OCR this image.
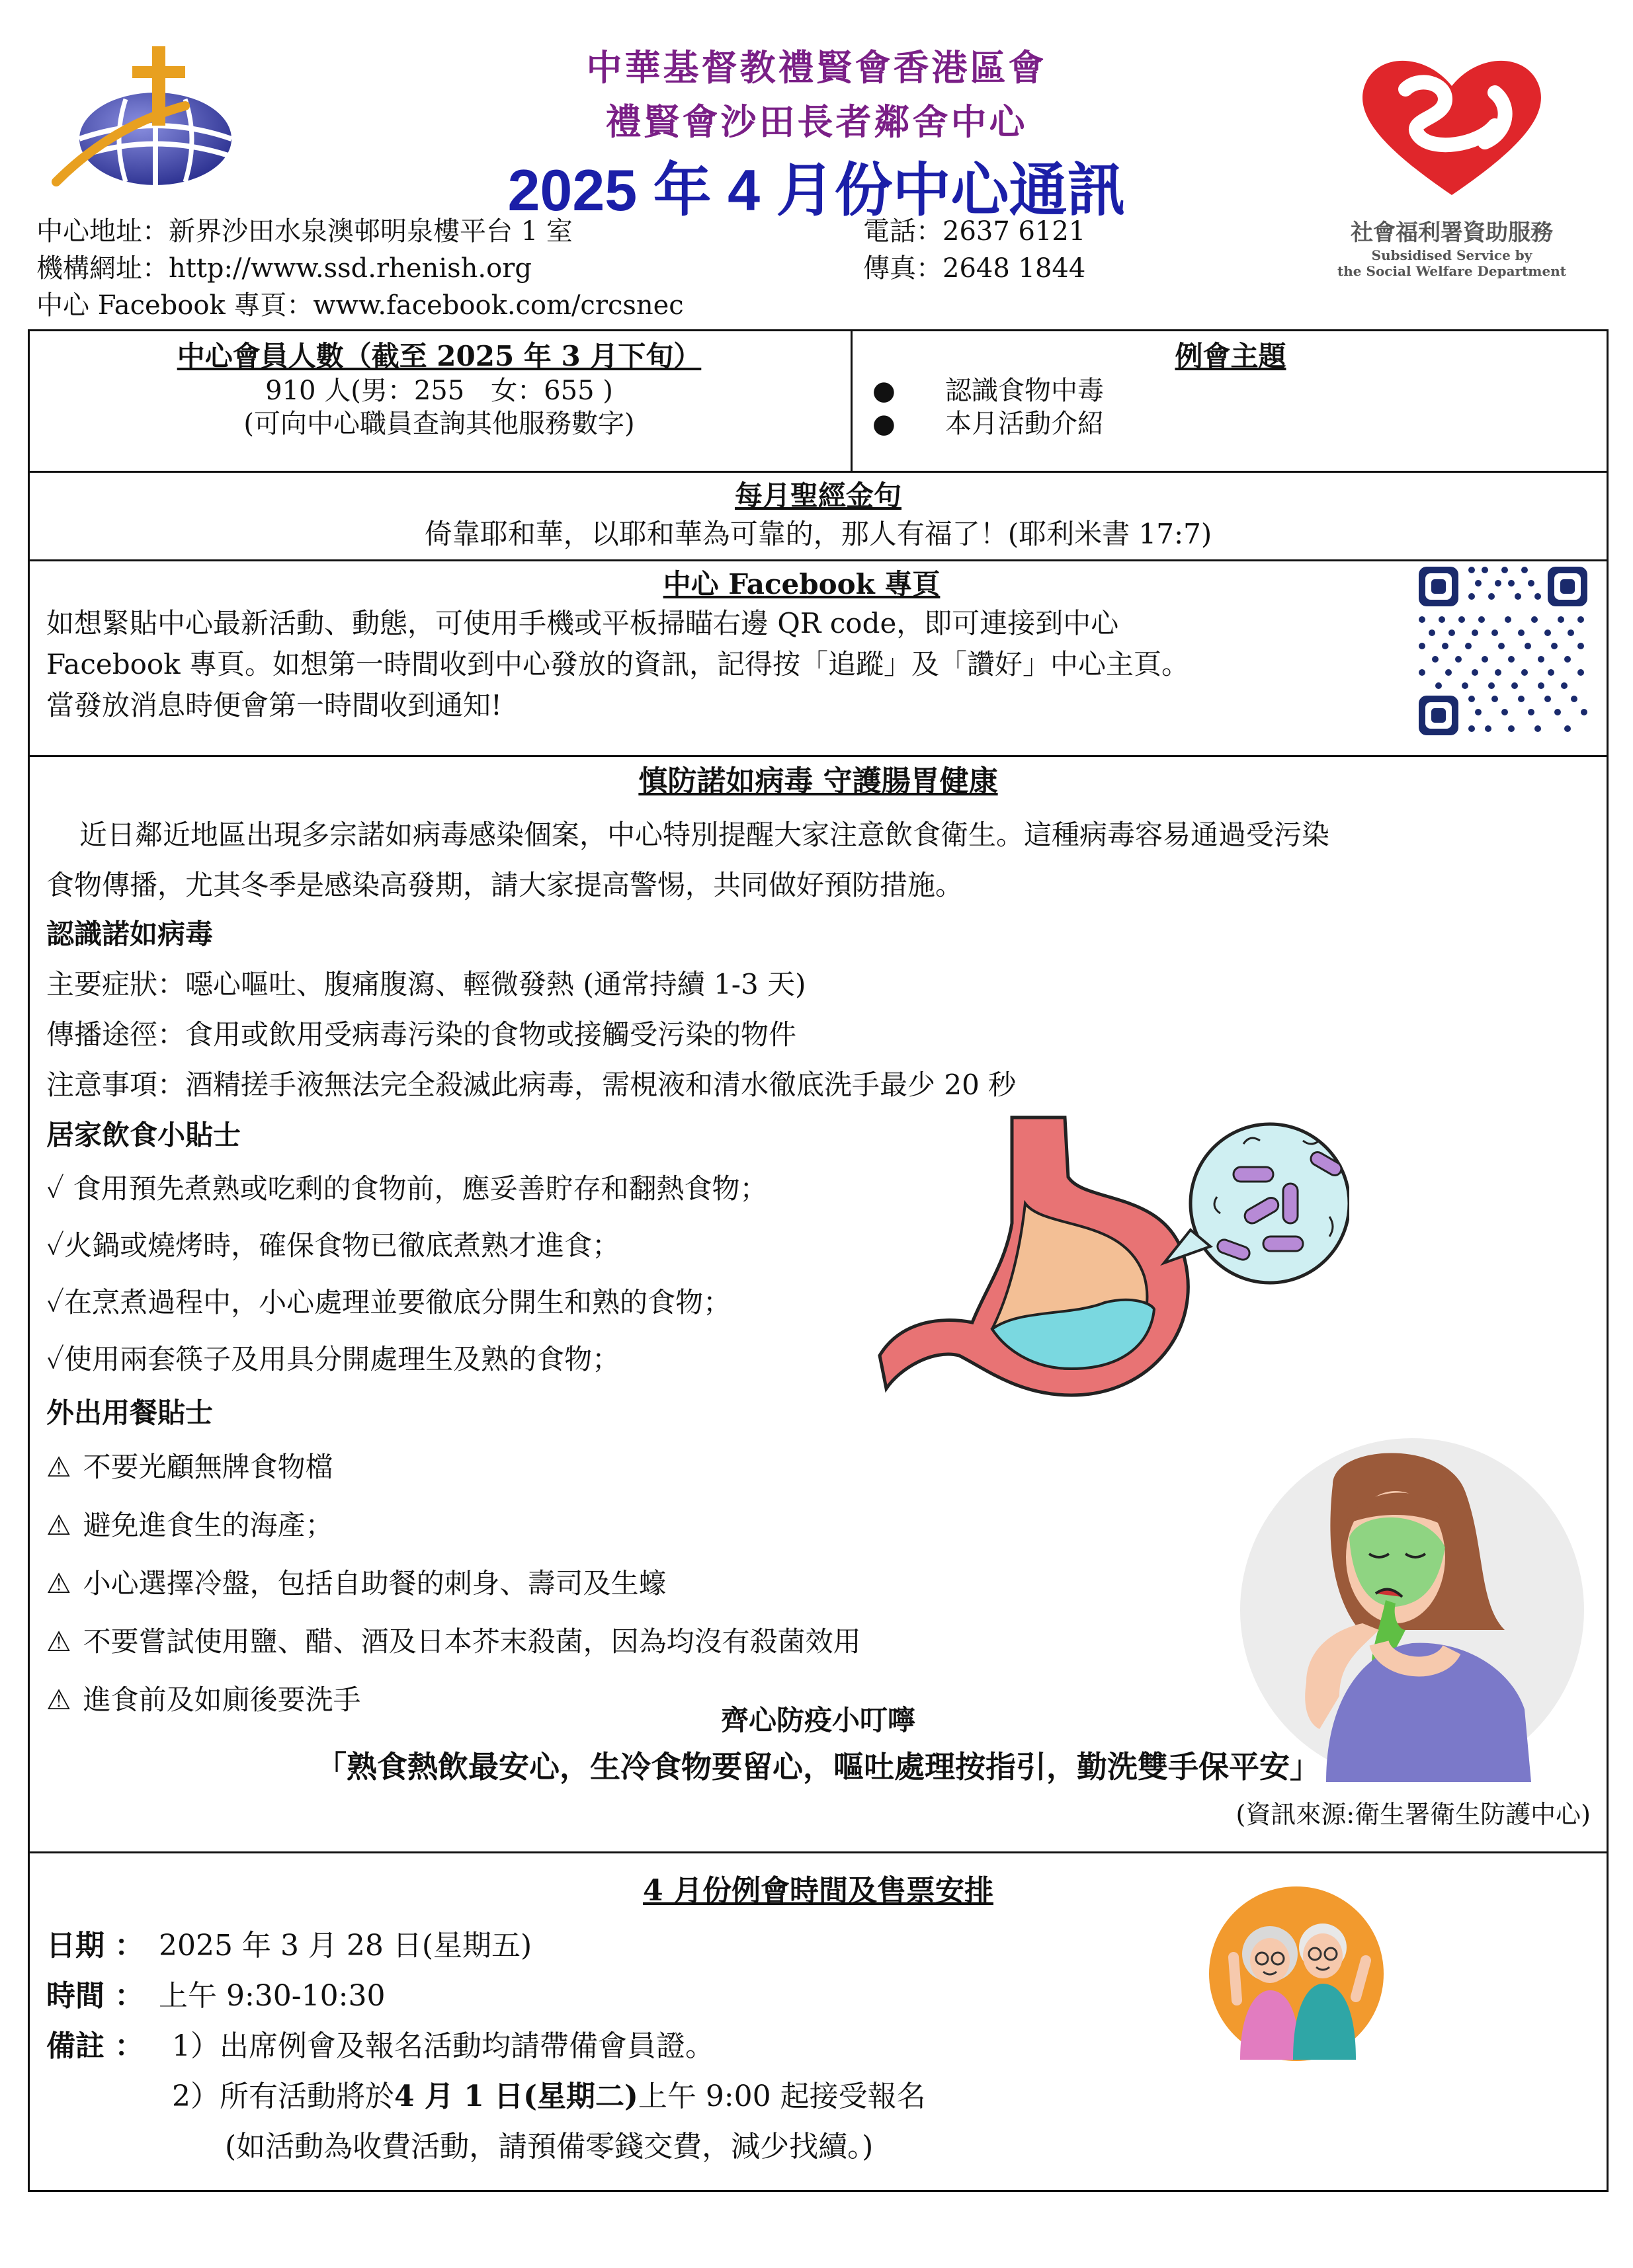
中華基督教禮賢會香港區會
禮賢會沙田長者鄰舍中心
2025 年 4 月份中心通訊
社會福利署資助服務
Subsidised Service by
the Social Welfare Department
中心地址：新界沙田水泉澳邨明泉樓平台 1 室
機構網址：http://www.ssd.rhenish.org
中心 Facebook 專頁：www.facebook.com/crcsnec
電話：2637 6121
傳真：2648 1844
中心會員人數（截至 2025 年 3 月下旬）
910 人(男：255　女：655 )
(可向中心職員查詢其他服務數字)
例會主題
● 認識食物中毒
● 本月活動介紹
每月聖經金句
倚靠耶和華，以耶和華為可靠的，那人有福了！(耶利米書 17:7)
中心 Facebook 專頁
如想緊貼中心最新活動、動態，可使用手機或平板掃瞄右邊 QR code，即可連接到中心
Facebook 專頁。如想第一時間收到中心發放的資訊，記得按「追蹤」及「讚好」中心主頁。
當發放消息時便會第一時間收到通知!
慎防諾如病毒 守護腸胃健康
近日鄰近地區出現多宗諾如病毒感染個案，中心特別提醒大家注意飲食衛生。這種病毒容易通過受污染
食物傳播，尤其冬季是感染高發期，請大家提高警惕，共同做好預防措施。
認識諾如病毒
主要症狀：噁心嘔吐、腹痛腹瀉、輕微發熱 (通常持續 1-3 天)
傳播途徑：食用或飲用受病毒污染的食物或接觸受污染的物件
注意事項：酒精搓手液無法完全殺滅此病毒，需梘液和清水徹底洗手最少 20 秒
居家飲食小貼士
✓ 食用預先煮熟或吃剩的食物前，應妥善貯存和翻熱食物；
✓火鍋或燒烤時，確保食物已徹底煮熟才進食；
✓在烹煮過程中，小心處理並要徹底分開生和熟的食物；
✓使用兩套筷子及用具分開處理生及熟的食物；
外出用餐貼士
⚠ 不要光顧無牌食物檔
⚠ 避免進食生的海產；
⚠ 小心選擇冷盤，包括自助餐的刺身、壽司及生蠔
⚠ 不要嘗試使用鹽、醋、酒及日本芥末殺菌，因為均沒有殺菌效用
⚠ 進食前及如廁後要洗手
齊心防疫小叮嚀
「熟食熱飲最安心，生冷食物要留心，嘔吐處理按指引，勤洗雙手保平安」
(資訊來源:衛生署衛生防護中心)
4 月份例會時間及售票安排
日期 ： 2025 年 3 月 28 日(星期五)
時間 ： 上午 9:30-10:30
備註 ： 1）出席例會及報名活動均請帶備會員證。
2）所有活動將於4 月 1 日(星期二)上午 9:00 起接受報名
(如活動為收費活動，請預備零錢交費，減少找續。)
